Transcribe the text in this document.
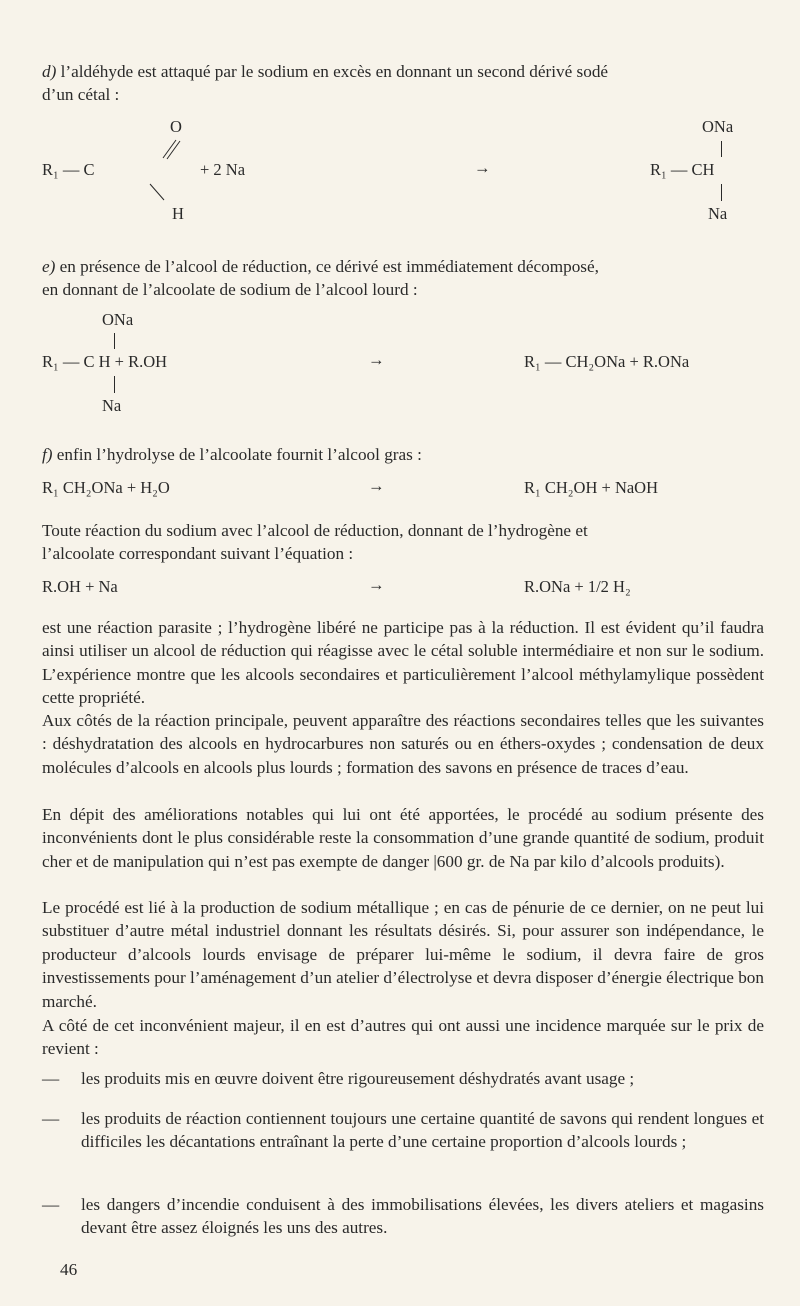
d) l’aldéhyde est attaqué par le sodium en excès en donnant un second dérivé sodé
d’un cétal :
O
R₁ — C	+ 2 Na
H
→
ONa
R₁ — CH
Na
e) en présence de l’alcool de réduction, ce dérivé est immédiatement décomposé,
en donnant de l’alcoolate de sodium de l’alcool lourd :
ONa
R₁ — C H + R.OH
Na
→	R₁ — CH₂ONa + R.ONa
f) enfin l’hydrolyse de l’alcoolate fournit l’alcool gras :
R₁ CH₂ONa + H₂O	→	R₁ CH₂OH + NaOH
Toute réaction du sodium avec l’alcool de réduction, donnant de l’hydrogène et
l’alcoolate correspondant suivant l’équation :
R.OH + Na	→	R.ONa + 1/2 H₂
est une réaction parasite ; l’hydrogène libéré ne participe pas à la réduction. Il est évident qu’il faudra ainsi utiliser un alcool de réduction qui réagisse avec le cétal soluble intermédiaire et non sur le sodium. L’expérience montre que les alcools secondaires et particulièrement l’alcool méthylamylique possèdent cette propriété.
Aux côtés de la réaction principale, peuvent apparaître des réactions secondaires telles que les suivantes : déshydratation des alcools en hydrocarbures non saturés ou en éthers-oxydes ; condensation de deux molécules d’alcools en alcools plus lourds ; formation des savons en présence de traces d’eau.
En dépit des améliorations notables qui lui ont été apportées, le procédé au sodium présente des inconvénients dont le plus considérable reste la consommation d’une grande quantité de sodium, produit cher et de manipulation qui n’est pas exempte de danger |600 gr. de Na par kilo d’alcools produits).
Le procédé est lié à la production de sodium métallique ; en cas de pénurie de ce dernier, on ne peut lui substituer d’autre métal industriel donnant les résultats désirés. Si, pour assurer son indépendance, le producteur d’alcools lourds envisage de préparer lui-même le sodium, il devra faire de gros investissements pour l’aménagement d’un atelier d’électrolyse et devra disposer d’énergie électrique bon marché.
A côté de cet inconvénient majeur, il en est d’autres qui ont aussi une incidence marquée sur le prix de revient :
— les produits mis en œuvre doivent être rigoureusement déshydratés avant usage ;
— les produits de réaction contiennent toujours une certaine quantité de savons qui rendent longues et difficiles les décantations entraînant la perte d’une certaine proportion d’alcools lourds ;
— les dangers d’incendie conduisent à des immobilisations élevées, les divers ateliers et magasins devant être assez éloignés les uns des autres.
46
